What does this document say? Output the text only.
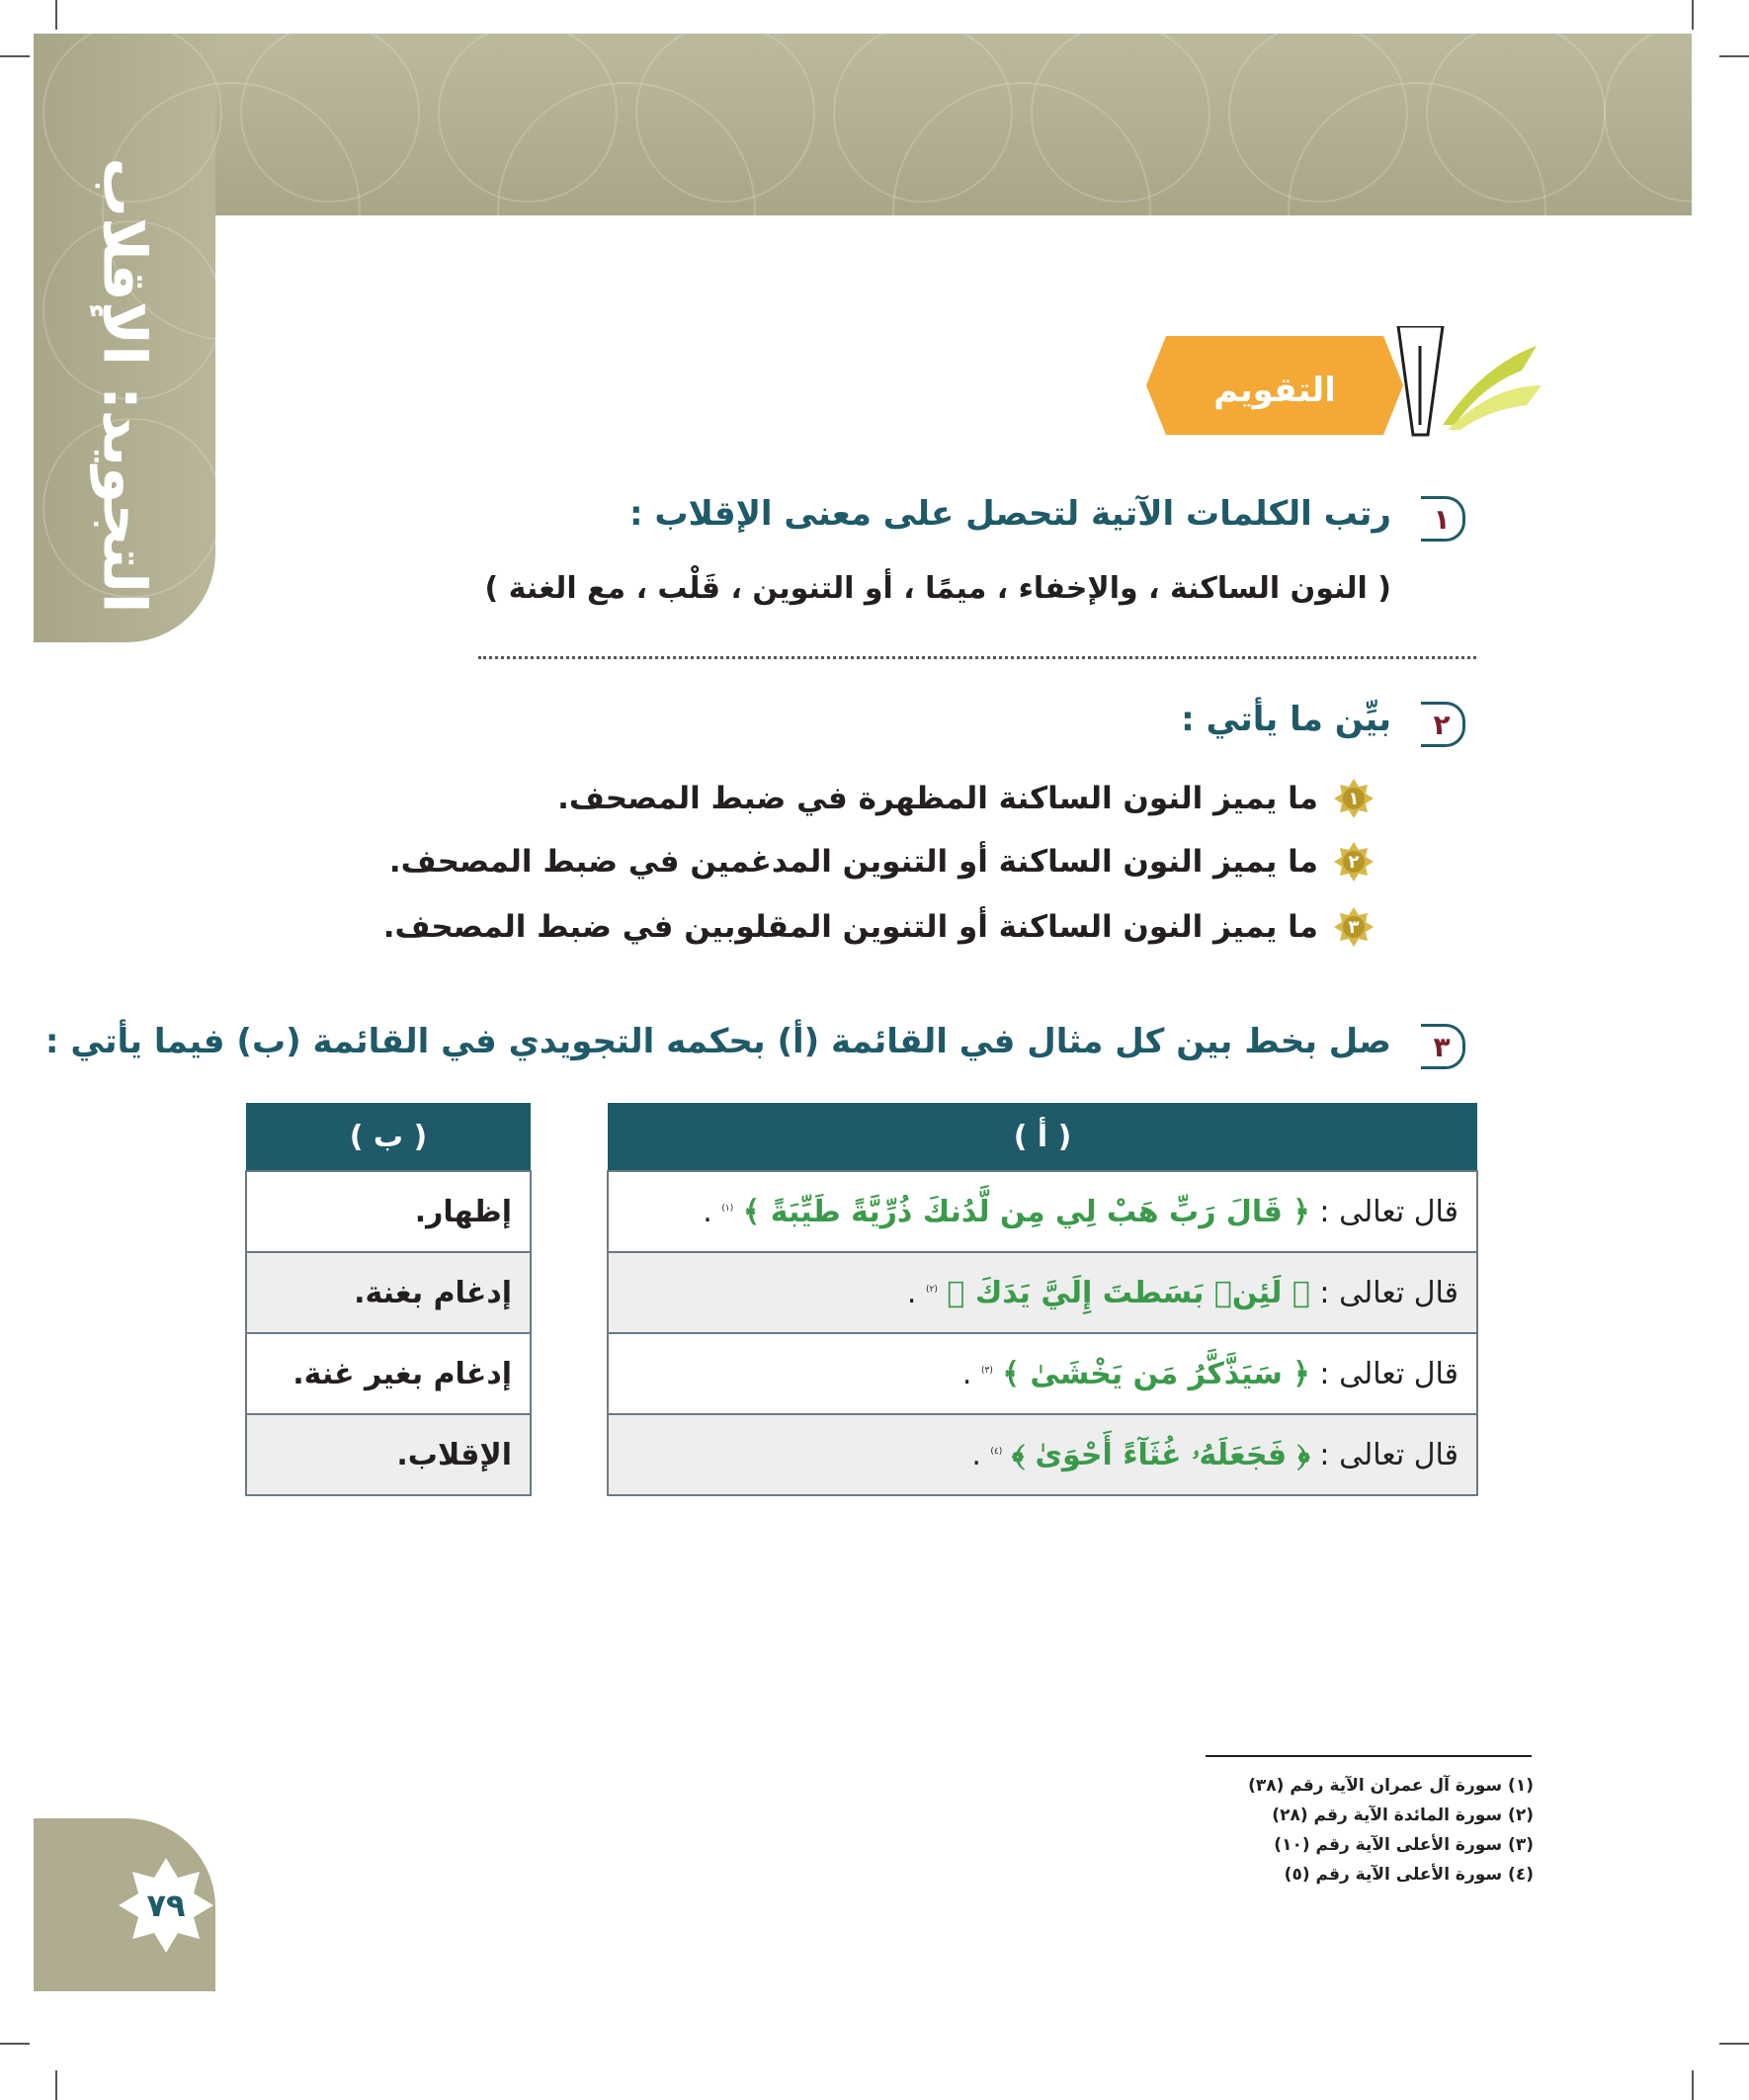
التجويد: الإقلاب
٧٩
التقويم
١
رتب الكلمات الآتية لتحصل على معنى الإقلاب :
( النون الساكنة ، والإخفاء ، ميمًا ، أو التنوين ، قَلْب ، مع الغنة )
٢
بيِّن ما يأتي :
١
ما يميز النون الساكنة المظهرة في ضبط المصحف.
٢
ما يميز النون الساكنة أو التنوين المدغمين في ضبط المصحف.
٣
ما يميز النون الساكنة أو التنوين المقلوبين في ضبط المصحف.
٣
صل بخط بين كل مثال في القائمة (أ) بحكمه التجويدي في القائمة (ب) فيما يأتي :
( أ )
قال تعالى : ﴿ قَالَ رَبِّ هَبْ لِي مِن لَّدُنكَ ذُرِّيَّةً طَيِّبَةً ﴾ $^{(١)}$ .
قال تعالى : ﴿ لَئِنۢ بَسَطتَ إِلَيَّ يَدَكَ ﴾ $^{(٢)}$ .
قال تعالى : ﴿ سَيَذَّكَّرُ مَن يَخْشَىٰ ﴾ $^{(٣)}$ .
قال تعالى : ﴿ فَجَعَلَهُۥ غُثَآءً أَحْوَىٰ ﴾ $^{(٤)}$ .
( ب )
إظهار.
إدغام بغنة.
إدغام بغير غنة.
الإقلاب.
(١) سورة آل عمران الآية رقم (٣٨)
(٢) سورة المائدة الآية رقم (٢٨)
(٣) سورة الأعلى الآية رقم (١٠)
(٤) سورة الأعلى الآية رقم (٥)
